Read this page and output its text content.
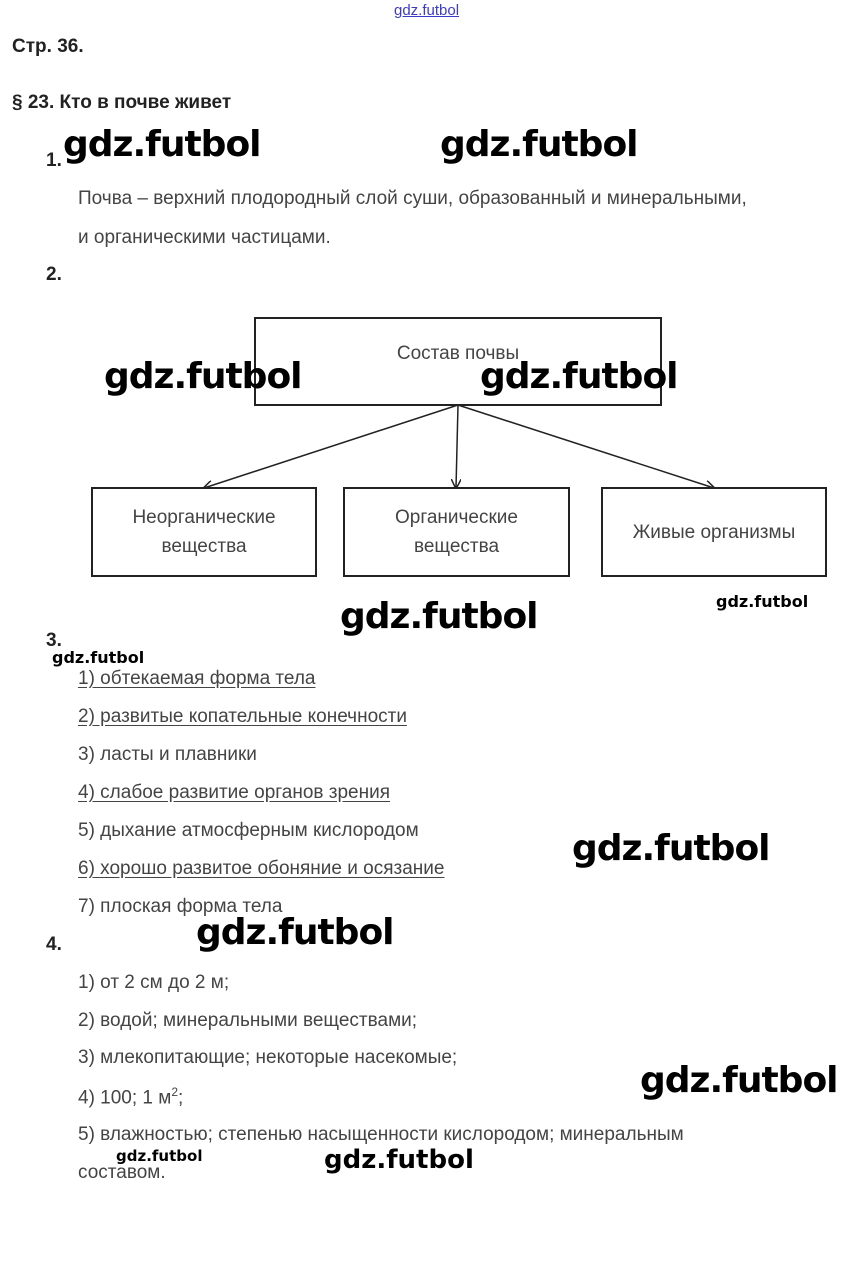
gdz.futbol
Стр. 36.
§ 23. Кто в почве живет
1.
Почва – верхний плодородный слой суши, образованный и минеральными,
и органическими частицами.
2.
Состав почвы
Неорганические
вещества
Органические
вещества
Живые организмы
3.
1) обтекаемая форма тела
2) развитые копательные конечности
3) ласты и плавники
4) слабое развитие органов зрения
5) дыхание атмосферным кислородом
6) хорошо развитое обоняние и осязание
7) плоская форма тела
4.
1) от 2 см до 2 м;
2) водой; минеральными веществами;
3) млекопитающие; некоторые насекомые;
4) 100; 1 $м^2$;
5) влажностью; степенью насыщенности кислородом; минеральным
составом.
gdz.futbol	gdz.futbol
gdz.futbol	gdz.futbol
gdz.futbol	gdz.futbol
gdz.futbol
gdz.futbol
gdz.futbol
gdz.futbol
gdz.futbol	gdz.futbol
